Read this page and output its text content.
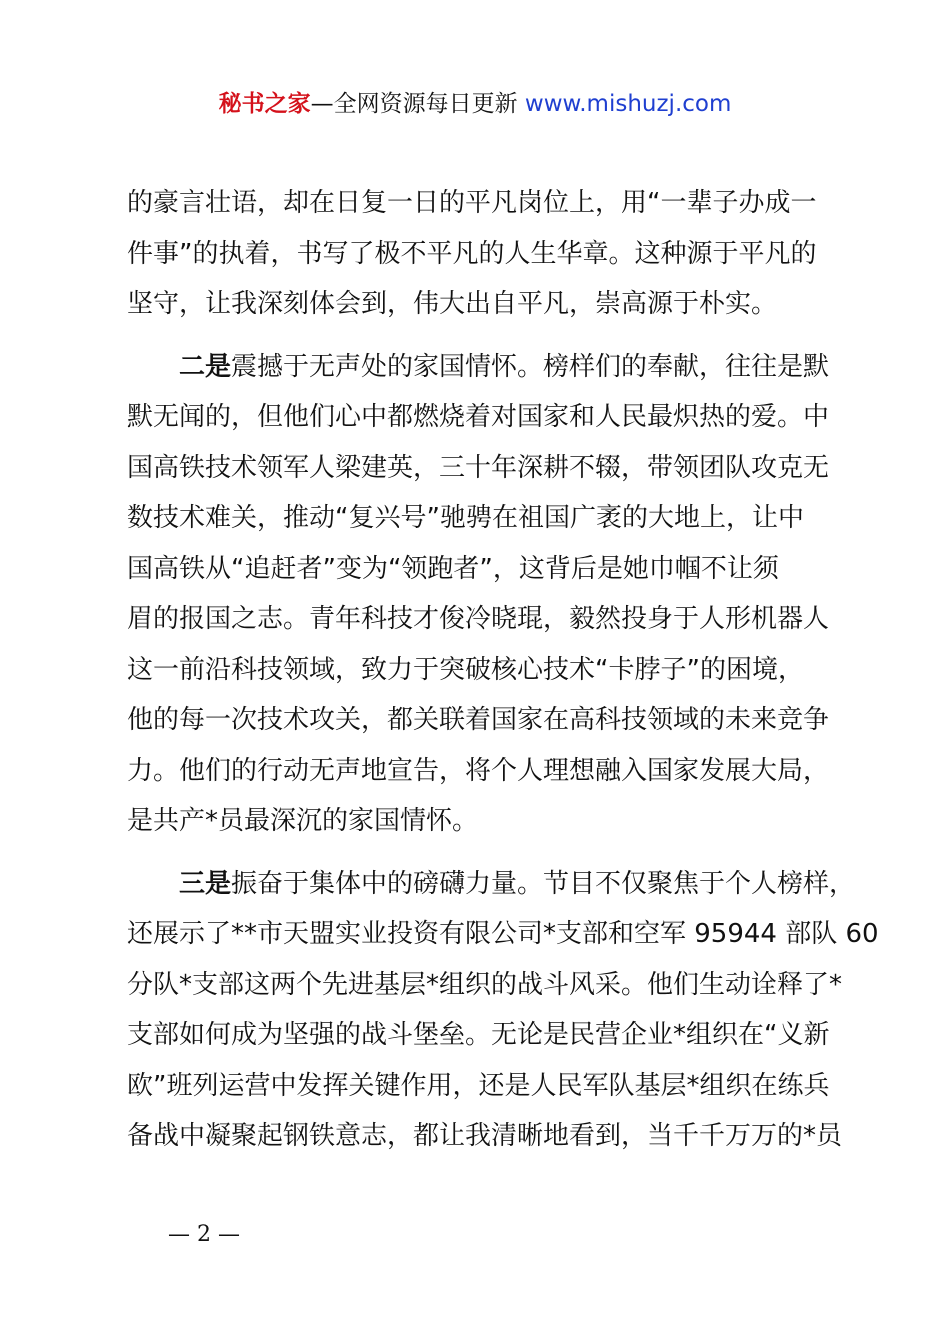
秘书之家—全网资源每日更新 www.mishuzj.com
的豪言壮语，却在日复一日的平凡岗位上，用“一辈子办成一
件事”的执着，书写了极不平凡的人生华章。这种源于平凡的
坚守，让我深刻体会到，伟大出自平凡，崇高源于朴实。
二是震撼于无声处的家国情怀。榜样们的奉献，往往是默
默无闻的，但他们心中都燃烧着对国家和人民最炽热的爱。中
国高铁技术领军人梁建英，三十年深耕不辍，带领团队攻克无
数技术难关，推动“复兴号”驰骋在祖国广袤的大地上，让中
国高铁从“追赶者”变为“领跑者”，这背后是她巾帼不让须
眉的报国之志。青年科技才俊冷晓琨，毅然投身于人形机器人
这一前沿科技领域，致力于突破核心技术“卡脖子”的困境，
他的每一次技术攻关，都关联着国家在高科技领域的未来竞争
力。他们的行动无声地宣告，将个人理想融入国家发展大局，
是共产*员最深沉的家国情怀。
三是振奋于集体中的磅礴力量。节目不仅聚焦于个人榜样，
还展示了**市天盟实业投资有限公司*支部和空军 95944 部队 60
分队*支部这两个先进基层*组织的战斗风采。他们生动诠释了*
支部如何成为坚强的战斗堡垒。无论是民营企业*组织在“义新
欧”班列运营中发挥关键作用，还是人民军队基层*组织在练兵
备战中凝聚起钢铁意志，都让我清晰地看到，当千千万万的*员
— 2 —
